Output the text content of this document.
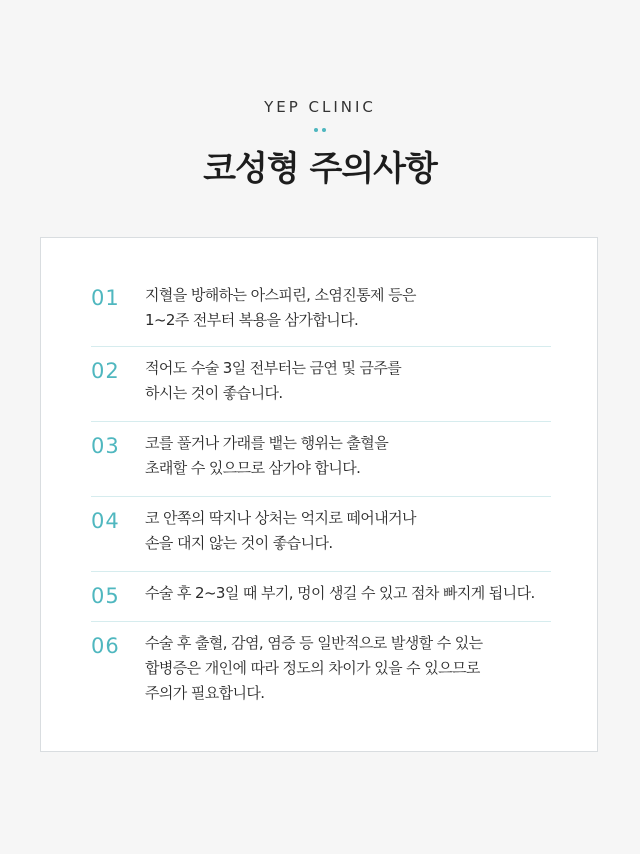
YEP CLINIC
코성형 주의사항
01 지혈을 방해하는 아스피린, 소염진통제 등은
1~2주 전부터 복용을 삼가합니다.
02 적어도 수술 3일 전부터는 금연 및 금주를
하시는 것이 좋습니다.
03 코를 풀거나 가래를 뱉는 행위는 출혈을
초래할 수 있으므로 삼가야 합니다.
04 코 안쪽의 딱지나 상처는 억지로 떼어내거나
손을 대지 않는 것이 좋습니다.
05 수술 후 2~3일 때 부기, 멍이 생길 수 있고 점차 빠지게 됩니다.
06 수술 후 출혈, 감염, 염증 등 일반적으로 발생할 수 있는
합병증은 개인에 따라 정도의 차이가 있을 수 있으므로
주의가 필요합니다.
